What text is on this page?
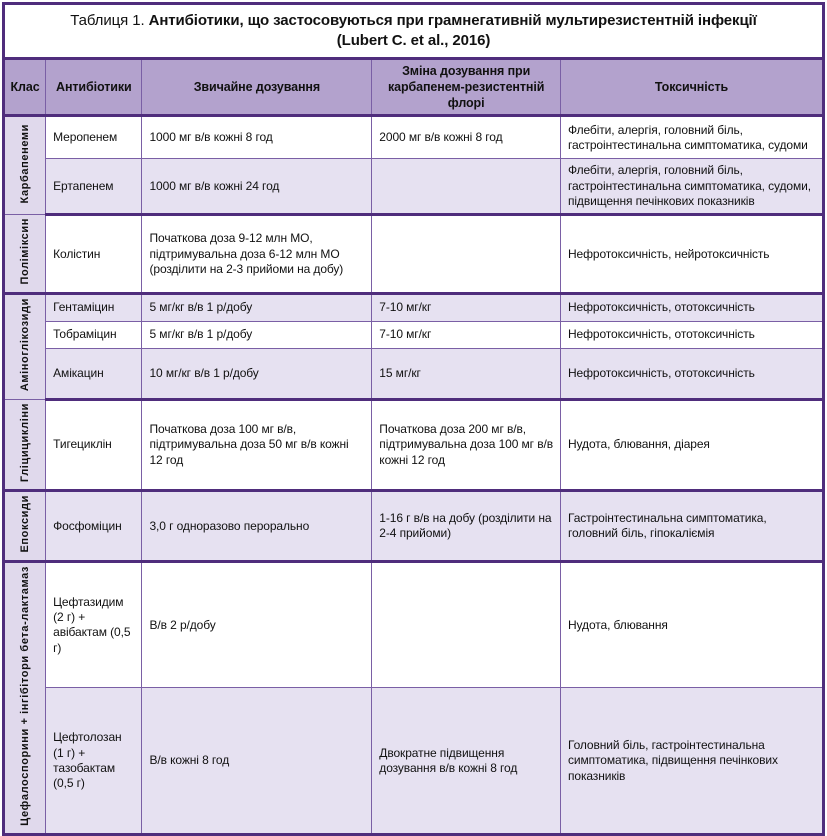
Таблиця 1. Антибіотики, що застосовуються при грамнегативній мультирезистентній інфекції
(Lubert C. et al., 2016)				

Клас	Антибіотики	Звичайне дозування	Зміна дозування при карбапенем-резистентній флорі	Токсичність
Карбапенеми	Меропенем	1000 мг в/в кожні 8 год	2000 мг в/в кожні 8 год	Флебіти, алергія, головний біль, гастроінтестинальна симптоматика, судоми
	Ертапенем	1000 мг в/в кожні 24 год		Флебіти, алергія, головний біль, гастроінтестинальна симптоматика, судоми, підвищення печінкових показників
Поліміксин	Колістин	Початкова доза 9-12 млн МО, підтримувальна доза 6-12 млн МО (розділити на 2-3 прийоми на добу)		Нефротоксичність, нейротоксичність
Аміноглікозиди	Гентаміцин	5 мг/кг в/в 1 р/добу	7-10 мг/кг	Нефротоксичність, ототоксичність
	Тобраміцин	5 мг/кг в/в 1 р/добу	7-10 мг/кг	Нефротоксичність, ототоксичність
	Амікацин	10 мг/кг в/в 1 р/добу	15 мг/кг	Нефротоксичність, ототоксичність
Гліцицикліни	Тигециклін	Початкова доза 100 мг в/в, підтримувальна доза 50 мг в/в кожні 12 год	Початкова доза 200 мг в/в, підтримувальна доза 100 мг в/в кожні 12 год	Нудота, блювання, діарея
Епоксиди	Фосфоміцин	3,0 г одноразово перорально	1-16 г в/в на добу (розділити на 2-4 прийоми)	Гастроінтестинальна симптоматика, головний біль, гіпокаліємія
Цефалоспорини + інгібітори бета-лактамаз	Цефтазидим (2 г) + авібактам (0,5 г)	В/в 2 р/добу		Нудота, блювання
	Цефтолозан (1 г) + тазобактам (0,5 г)	В/в кожні 8 год	Двократне підвищення дозування в/в кожні 8 год	Головний біль, гастроінтестинальна симптоматика, підвищення печінкових показників
